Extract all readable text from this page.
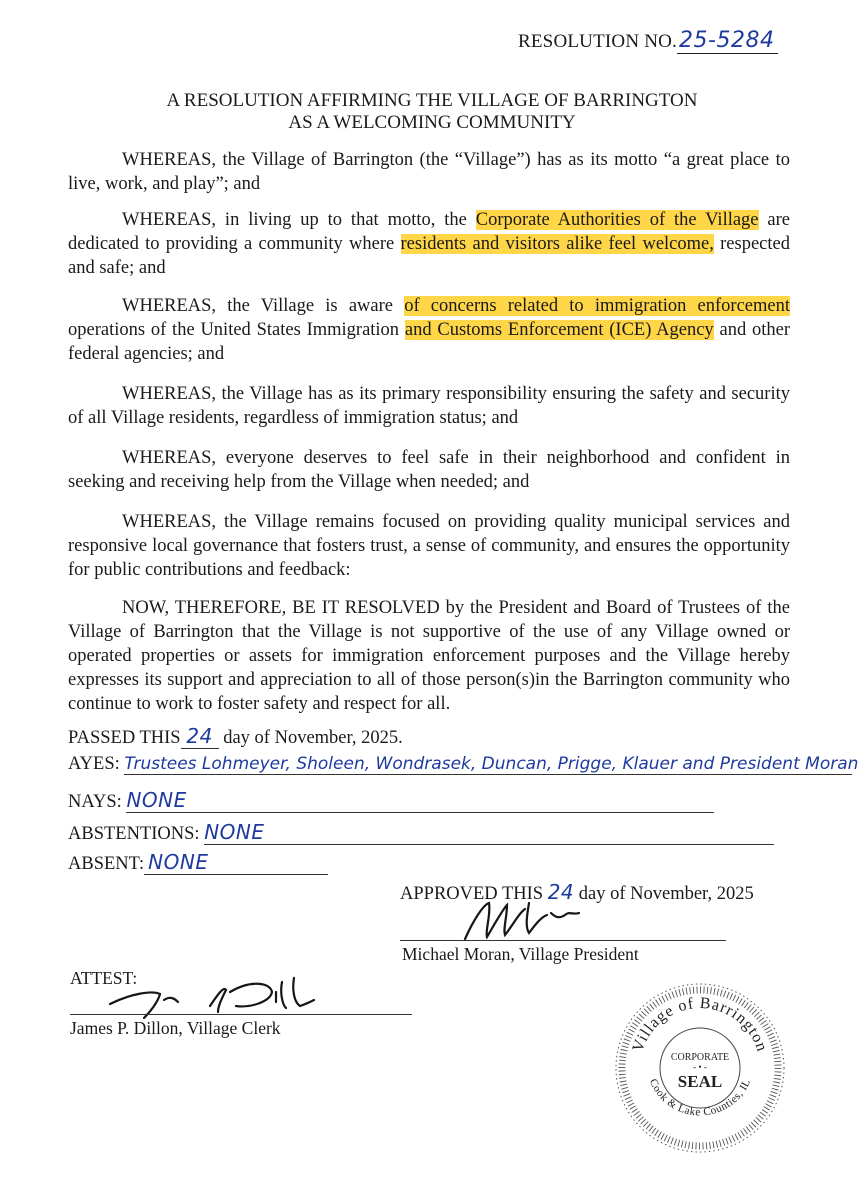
RESOLUTION NO.25-5284
A RESOLUTION AFFIRMING THE VILLAGE OF BARRINGTON
AS A WELCOMING COMMUNITY
WHEREAS, the Village of Barrington (the “Village”) has as its motto “a great place to live, work, and play”; and
WHEREAS, in living up to that motto, the Corporate Authorities of the Village are dedicated to providing a community where residents and visitors alike feel welcome, respected and safe; and
WHEREAS, the Village is aware of concerns related to immigration enforcement operations of the United States Immigration and Customs Enforcement (ICE) Agency and other federal agencies; and
WHEREAS, the Village has as its primary responsibility ensuring the safety and security of all Village residents, regardless of immigration status; and
WHEREAS, everyone deserves to feel safe in their neighborhood and confident in seeking and receiving help from the Village when needed; and
WHEREAS, the Village remains focused on providing quality municipal services and responsive local governance that fosters trust, a sense of community, and ensures the opportunity for public contributions and feedback:
NOW, THEREFORE, BE IT RESOLVED by the President and Board of Trustees of the Village of Barrington that the Village is not supportive of the use of any Village owned or operated properties or assets for immigration enforcement purposes and the Village hereby expresses its support and appreciation to all of those person(s)in the Barrington community who continue to work to foster safety and respect for all.
PASSED THIS 24 day of November, 2025.
AYES: Trustees Lohmeyer, Sholeen, Wondrasek, Duncan, Prigge, Klauer and President Moran
NAYS: NONE
ABSTENTIONS: NONE
ABSENT: NONE
APPROVED THIS 24 day of November, 2025
Michael Moran, Village President
ATTEST:
James P. Dillon, Village Clerk
Village of Barrington
Cook & Lake Counties, IL
CORPORATE
- • -
SEAL
